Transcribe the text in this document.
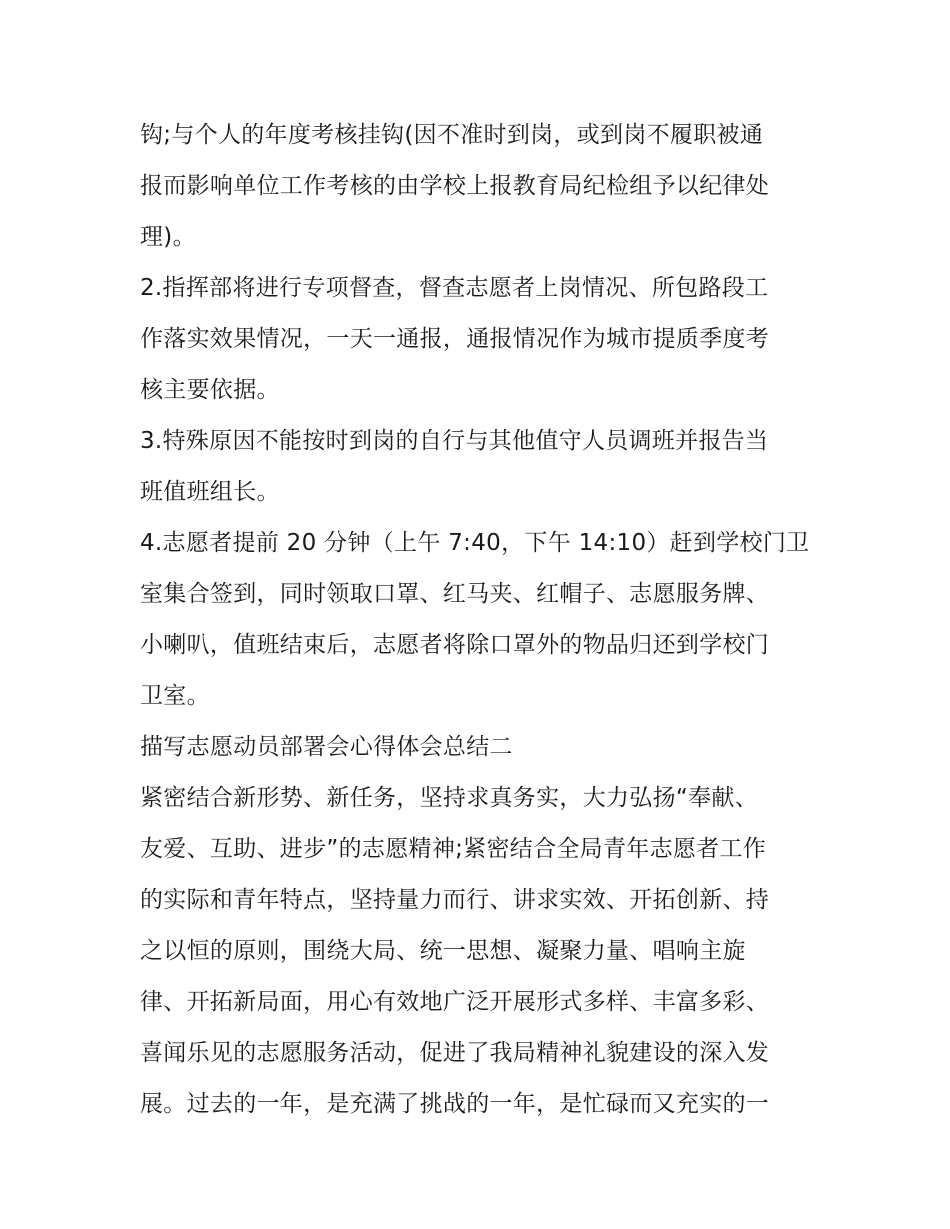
钩;与个人的年度考核挂钩(因不准时到岗，或到岗不履职被通
报而影响单位工作考核的由学校上报教育局纪检组予以纪律处
理)。
2.指挥部将进行专项督查，督查志愿者上岗情况、所包路段工
作落实效果情况，一天一通报，通报情况作为城市提质季度考
核主要依据。
3.特殊原因不能按时到岗的自行与其他值守人员调班并报告当
班值班组长。
4.志愿者提前 20 分钟（上午 7:40，下午 14:10）赶到学校门卫
室集合签到，同时领取口罩、红马夹、红帽子、志愿服务牌、
小喇叭，值班结束后，志愿者将除口罩外的物品归还到学校门
卫室。
描写志愿动员部署会心得体会总结二
紧密结合新形势、新任务，坚持求真务实，大力弘扬“奉献、
友爱、互助、进步”的志愿精神;紧密结合全局青年志愿者工作
的实际和青年特点，坚持量力而行、讲求实效、开拓创新、持
之以恒的原则，围绕大局、统一思想、凝聚力量、唱响主旋
律、开拓新局面，用心有效地广泛开展形式多样、丰富多彩、
喜闻乐见的志愿服务活动，促进了我局精神礼貌建设的深入发
展。过去的一年，是充满了挑战的一年，是忙碌而又充实的一
